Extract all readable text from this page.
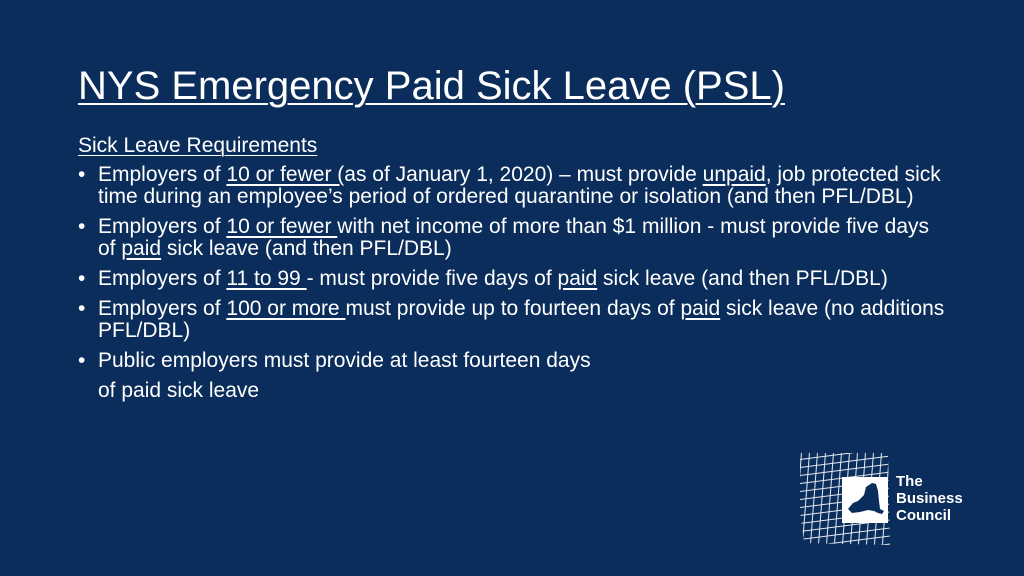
NYS Emergency Paid Sick Leave (PSL)
Sick Leave Requirements
• Employers of 10 or fewer (as of January 1, 2020) – must provide unpaid, job protected sick time during an employee’s period of ordered quarantine or isolation (and then PFL/DBL)
• Employers of 10 or fewer with net income of more than $1 million - must provide five days of paid sick leave (and then PFL/DBL)
• Employers of 11 to 99 - must provide five days of paid sick leave (and then PFL/DBL)
• Employers of 100 or more must provide up to fourteen days of paid sick leave (no additions PFL/DBL)
• Public employers must provide at least fourteen days
of paid sick leave
The
Business
Council
